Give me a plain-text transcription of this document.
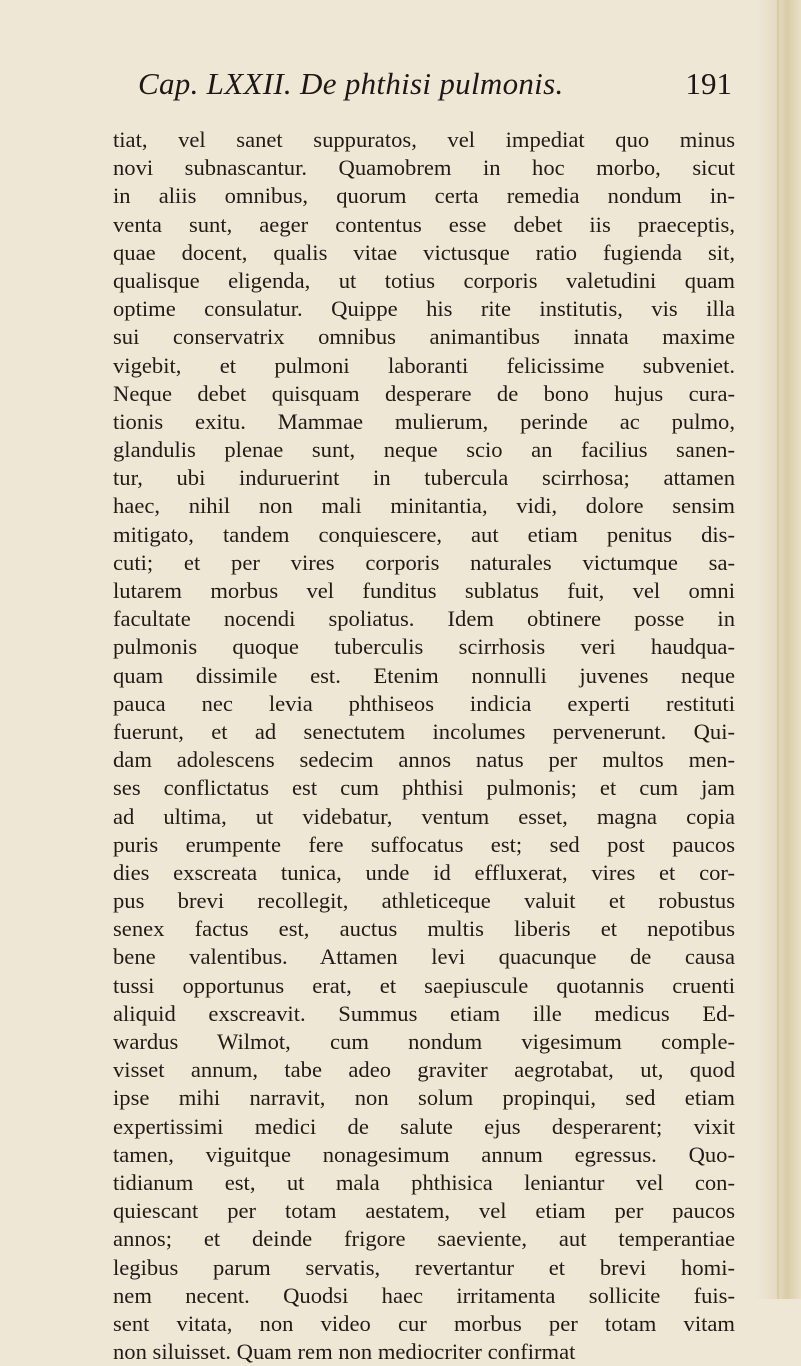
Cap. LXXII. De phthisi pulmonis.	191
tiat, vel sanet suppuratos, vel impediat quo minus
novi subnascantur. Quamobrem in hoc morbo, sicut
in aliis omnibus, quorum certa remedia nondum in-
venta sunt, aeger contentus esse debet iis praeceptis,
quae docent, qualis vitae victusque ratio fugienda sit,
qualisque eligenda, ut totius corporis valetudini quam
optime consulatur. Quippe his rite institutis, vis illa
sui conservatrix omnibus animantibus innata maxime
vigebit, et pulmoni laboranti felicissime subveniet.
Neque debet quisquam desperare de bono hujus cura-
tionis exitu. Mammae mulierum, perinde ac pulmo,
glandulis plenae sunt, neque scio an facilius sanen-
tur, ubi induruerint in tubercula scirrhosa; attamen
haec, nihil non mali minitantia, vidi, dolore sensim
mitigato, tandem conquiescere, aut etiam penitus dis-
cuti; et per vires corporis naturales victumque sa-
lutarem morbus vel funditus sublatus fuit, vel omni
facultate nocendi spoliatus. Idem obtinere posse in
pulmonis quoque tuberculis scirrhosis veri haudqua-
quam dissimile est. Etenim nonnulli juvenes neque
pauca nec levia phthiseos indicia experti restituti
fuerunt, et ad senectutem incolumes pervenerunt. Qui-
dam adolescens sedecim annos natus per multos men-
ses conflictatus est cum phthisi pulmonis; et cum jam
ad ultima, ut videbatur, ventum esset, magna copia
puris erumpente fere suffocatus est; sed post paucos
dies exscreata tunica, unde id effluxerat, vires et cor-
pus brevi recollegit, athleticeque valuit et robustus
senex factus est, auctus multis liberis et nepotibus
bene valentibus. Attamen levi quacunque de causa
tussi opportunus erat, et saepiuscule quotannis cruenti
aliquid exscreavit. Summus etiam ille medicus Ed-
wardus Wilmot, cum nondum vigesimum comple-
visset annum, tabe adeo graviter aegrotabat, ut, quod
ipse mihi narravit, non solum propinqui, sed etiam
expertissimi medici de salute ejus desperarent; vixit
tamen, viguitque nonagesimum annum egressus. Quo-
tidianum est, ut mala phthisica leniantur vel con-
quiescant per totam aestatem, vel etiam per paucos
annos; et deinde frigore saeviente, aut temperantiae
legibus parum servatis, revertantur et brevi homi-
nem necent. Quodsi haec irritamenta sollicite fuis-
sent vitata, non video cur morbus per totam vitam
non siluisset. Quam rem non mediocriter confirmat
